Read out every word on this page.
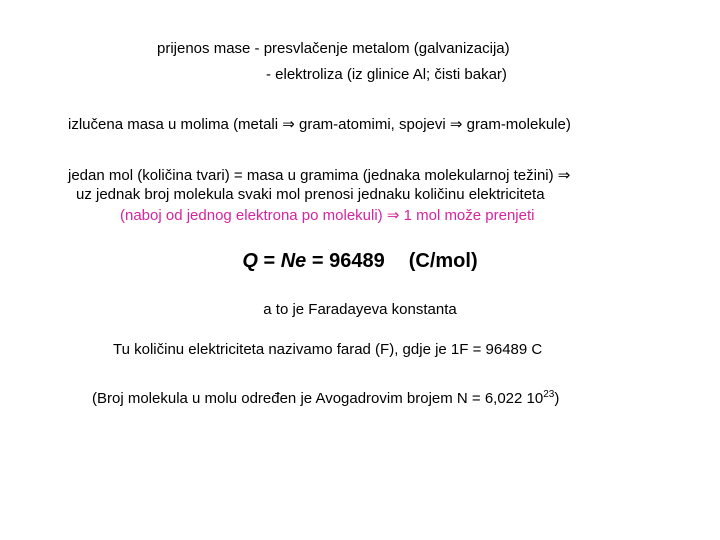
prijenos mase - presvlačenje metalom (galvanizacija)
- elektroliza (iz glinice Al; čisti bakar)
izlučena masa u molima (metali ⇒ gram-atomimi, spojevi ⇒ gram-molekule)
jedan mol (količina tvari) = masa u gramima (jednaka molekularnoj težini) ⇒
uz jednak broj molekula svaki mol prenosi jednaku količinu elektriciteta
(naboj od jednog elektrona po molekuli) ⇒ 1 mol može prenjeti
Q = Ne = 96489 (C/mol)
a to je Faradayeva konstanta
Tu količinu elektriciteta nazivamo farad (F), gdje je 1F = 96489 C
(Broj molekula u molu određen je Avogadrovim brojem N = 6,022 $10^{23}$)
